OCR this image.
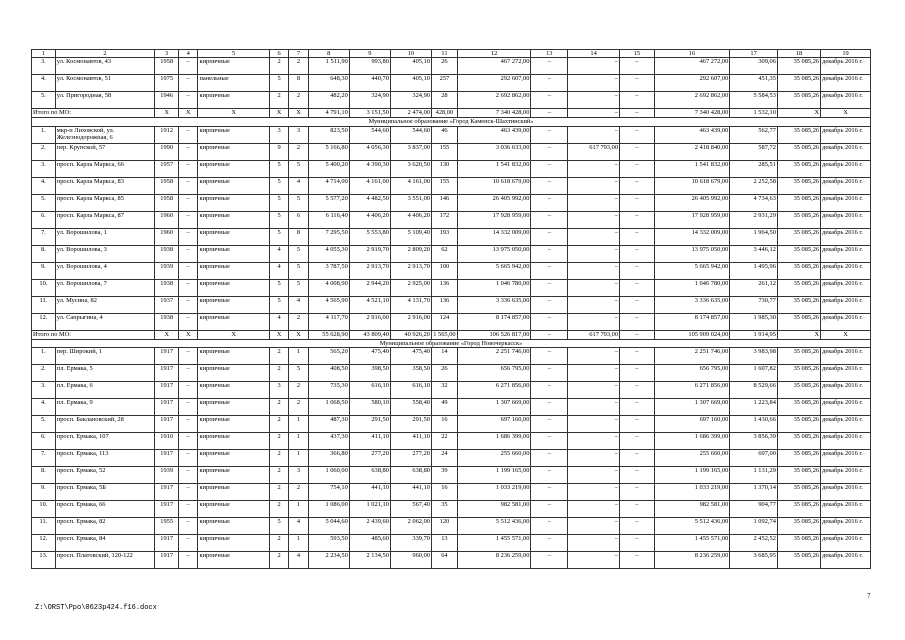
1	2	3	4	5	6	7	8	9	10	11	12	13	14	15	16	17	18	19
3.	ул. Космонавтов, 43	1958	–	кирпичные	2	2	1 511,90	993,80	405,10	26	467 272,00	–	–	–	467 272,00	309,06	35 085,26	декабрь 2016 г.
4.	ул. Космонавтов, 51	1975	–	панельные	5	8	648,30	440,70	405,10	257	292 607,00	–	–	–	292 607,00	451,35	35 085,26	декабрь 2016 г.
5.	ул. Пригородная, 58	1946	–	кирпичные	2	2	482,20	324,90	324,90	28	2 692 862,00	–	–	–	2 692 862,00	5 584,53	35 085,26	декабрь 2016 г.
Итого по МО:		X	X	X	X	X	4 791,10	3 151,50	2 474,00	428,00	7 340 428,00	–	–	–	7 340 428,00	1 532,10	X	X
Муниципальное образование «Город Каменск-Шахтинский»																		
1.	мкр-н Лиховской, ул. Железнодорожная, 6	1912	–	кирпичные	3	3	823,50	544,60	544,60	46	463 439,00	–	–	–	463 439,00	562,77	35 085,26	декабрь 2016 г.
2.	пер. Крупской, 57	1990	–	кирпичные	9	2	5 166,80	4 056,30	3 837,00	155	3 036 633,00	–	617 793,00	–	2 418 840,00	587,72	35 085,26	декабрь 2016 г.
3.	просп. Карла Маркса, 66	1957	–	кирпичные	5	5	5 400,20	4 390,30	3 620,50	130	1 541 832,00	–	–	–	1 541 832,00	285,51	35 085,26	декабрь 2016 г.
4.	просп. Карла Маркса, 83	1958	–	кирпичные	5	4	4 714,00	4 161,00	4 161,00	155	10 618 679,00	–	–	–	10 618 679,00	2 252,58	35 085,26	декабрь 2016 г.
5.	просп. Карла Маркса, 85	1958	–	кирпичные	5	5	5 577,20	4 482,50	3 551,00	146	26 405 992,00	–	–	–	26 405 992,00	4 734,63	35 085,26	декабрь 2016 г.
6.	просп. Карла Маркса, 87	1960	–	кирпичные	5	6	6 116,40	4 406,20	4 406,20	172	17 928 959,00	–	–	–	17 928 959,00	2 931,29	35 085,26	декабрь 2016 г.
7.	ул. Ворошилова, 1	1960	–	кирпичные	5	8	7 295,50	5 553,80	5 109,40	193	14 332 009,00	–	–	–	14 332 009,00	1 964,50	35 085,26	декабрь 2016 г.
8.	ул. Ворошилова, 3	1938	–	кирпичные	4	5	4 055,30	2 919,70	2 809,20	62	13 975 050,00	–	–	–	13 975 050,00	3 446,12	35 085,26	декабрь 2016 г.
9.	ул. Ворошилова, 4	1939	–	кирпичные	4	5	3 787,50	2 913,70	2 913,70	100	5 665 942,00	–	–	–	5 665 942,00	1 495,96	35 085,26	декабрь 2016 г.
10.	ул. Ворошилова, 7	1938	–	кирпичные	5	5	4 008,90	2 944,20	2 925,00	136	1 046 780,00	–	–	–	1 046 780,00	261,12	35 085,26	декабрь 2016 г.
11.	ул. Мусина, 82	1937	–	кирпичные	5	4	4 565,90	4 521,10	4 131,70	136	3 336 635,00	–	–	–	3 336 635,00	730,77	35 085,26	декабрь 2016 г.
12.	ул. Сапрыгина, 4	1938	–	кирпичные	4	2	4 117,70	2 916,00	2 916,00	124	8 174 857,00	–	–	–	8 174 857,00	1 985,30	35 085,26	декабрь 2016 г.
Итого по МО:		X	X	X	X	X	55 628,90	43 809,40	40 926,20	1 565,00	106 526 817,00	–	617 793,00	–	105 909 024,00	1 914,95	X	X
Муниципальное образование «Город Новочеркасск»																		
1.	пер. Широкий, 1	1917	–	кирпичные	2	1	565,20	475,40	475,40	14	2 251 746,00	–	–	–	2 251 746,00	3 983,98	35 085,26	декабрь 2016 г.
2.	пл. Ермака, 5	1917	–	кирпичные	2	5	408,50	398,50	358,50	26	656 795,00	–	–	–	656 795,00	1 607,82	35 085,26	декабрь 2016 г.
3.	пл. Ермака, 6	1917	–	кирпичные	3	2	735,30	616,10	616,10	32	6 271 856,00	–	–	–	6 271 856,00	8 529,66	35 085,26	декабрь 2016 г.
4.	пл. Ермака, 9	1917	–	кирпичные	2	2	1 068,50	580,10	558,40	49	1 307 669,00	–	–	–	1 307 669,00	1 223,84	35 085,26	декабрь 2016 г.
5.	просп. Баклановский, 28	1917	–	кирпичные	2	1	487,30	291,50	291,50	16	697 160,00	–	–	–	697 160,00	1 430,66	35 085,26	декабрь 2016 г.
6.	просп. Ермака, 107	1910	–	кирпичные	2	1	437,30	411,10	411,10	22	1 686 399,00	–	–	–	1 686 399,00	3 856,39	35 085,26	декабрь 2016 г.
7.	просп. Ермака, 113	1917	–	кирпичные	2	1	366,80	277,20	277,20	24	255 660,00	–	–	–	255 660,00	697,00	35 085,26	декабрь 2016 г.
8.	просп. Ермака, 52	1939	–	кирпичные	2	3	1 060,00	638,80	638,80	39	1 199 165,00	–	–	–	1 199 165,00	1 131,29	35 085,26	декабрь 2016 г.
9.	просп. Ермака, 5Б	1917	–	кирпичные	2	2	754,10	441,10	441,10	16	1 033 219,00	–	–	–	1 033 219,00	1 370,14	35 085,26	декабрь 2016 г.
10.	просп. Ермака, 66	1917	–	кирпичные	2	1	1 086,00	1 021,10	567,40	35	982 581,00	–	–	–	982 581,00	904,77	35 085,26	декабрь 2016 г.
11.	просп. Ермака, 82	1955	–	кирпичные	5	4	5 044,60	2 439,60	2 062,00	120	5 512 436,00	–	–	–	5 512 436,00	1 092,74	35 085,26	декабрь 2016 г.
12.	просп. Ермака, 84	1917	–	кирпичные	2	1	593,50	485,60	339,70	13	1 455 571,00	–	–	–	1 455 571,00	2 452,52	35 085,26	декабрь 2016 г.
13.	просп. Платовский, 120-122	1917	–	кирпичные	2	4	2 234,50	2 134,50	960,00	64	8 236 259,00	–	–	–	8 236 259,00	3 685,95	35 085,26	декабрь 2016 г.
Z:\ORST\Ppo\0623p424.f16.docx
7
